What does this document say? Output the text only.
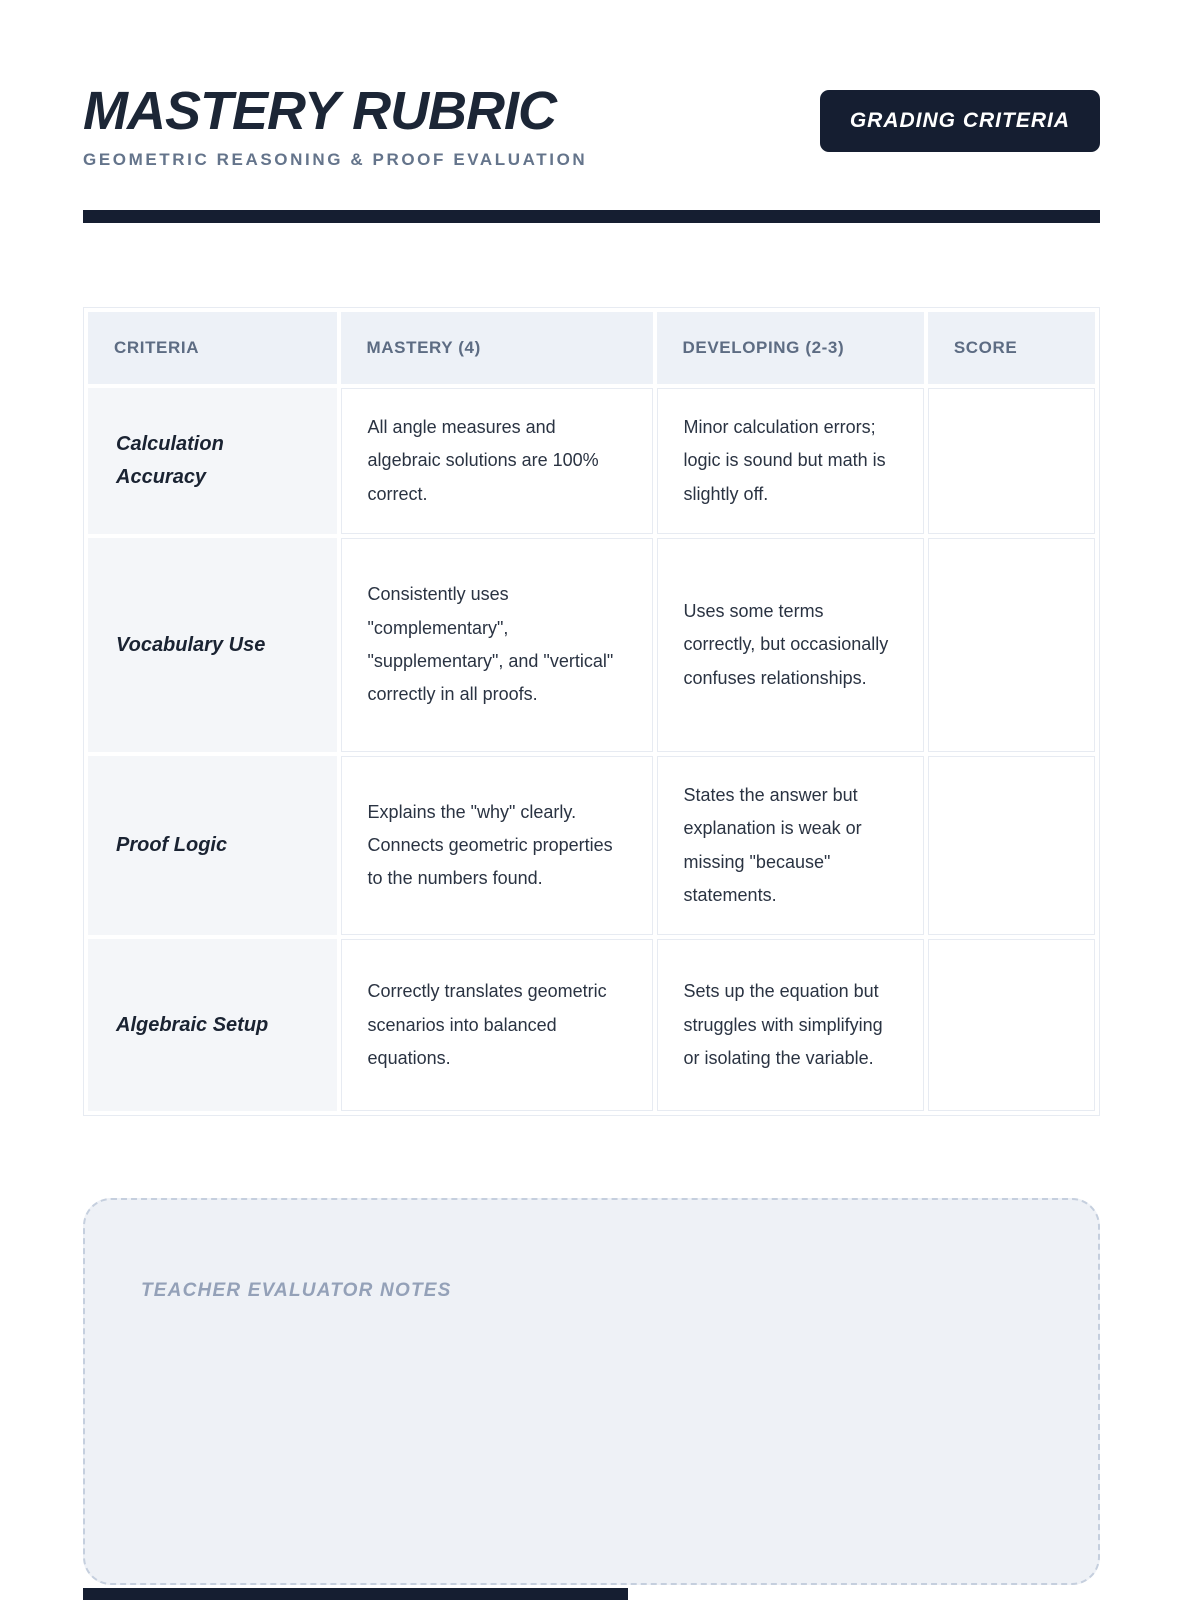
MASTERY RUBRIC
GEOMETRIC REASONING & PROOF EVALUATION
GRADING CRITERIA
CRITERIA	MASTERY (4)	DEVELOPING (2-3)	SCORE
Calculation Accuracy	All angle measures and algebraic solutions are 100% correct.	Minor calculation errors; logic is sound but math is slightly off.	
Vocabulary Use	Consistently uses "complementary", "supplementary", and "vertical" correctly in all proofs.	Uses some terms correctly, but occasionally confuses relationships.	
Proof Logic	Explains the "why" clearly. Connects geometric properties to the numbers found.	States the answer but explanation is weak or missing "because" statements.	
Algebraic Setup	Correctly translates geometric scenarios into balanced equations.	Sets up the equation but struggles with simplifying or isolating the variable.	
TEACHER EVALUATOR NOTES
